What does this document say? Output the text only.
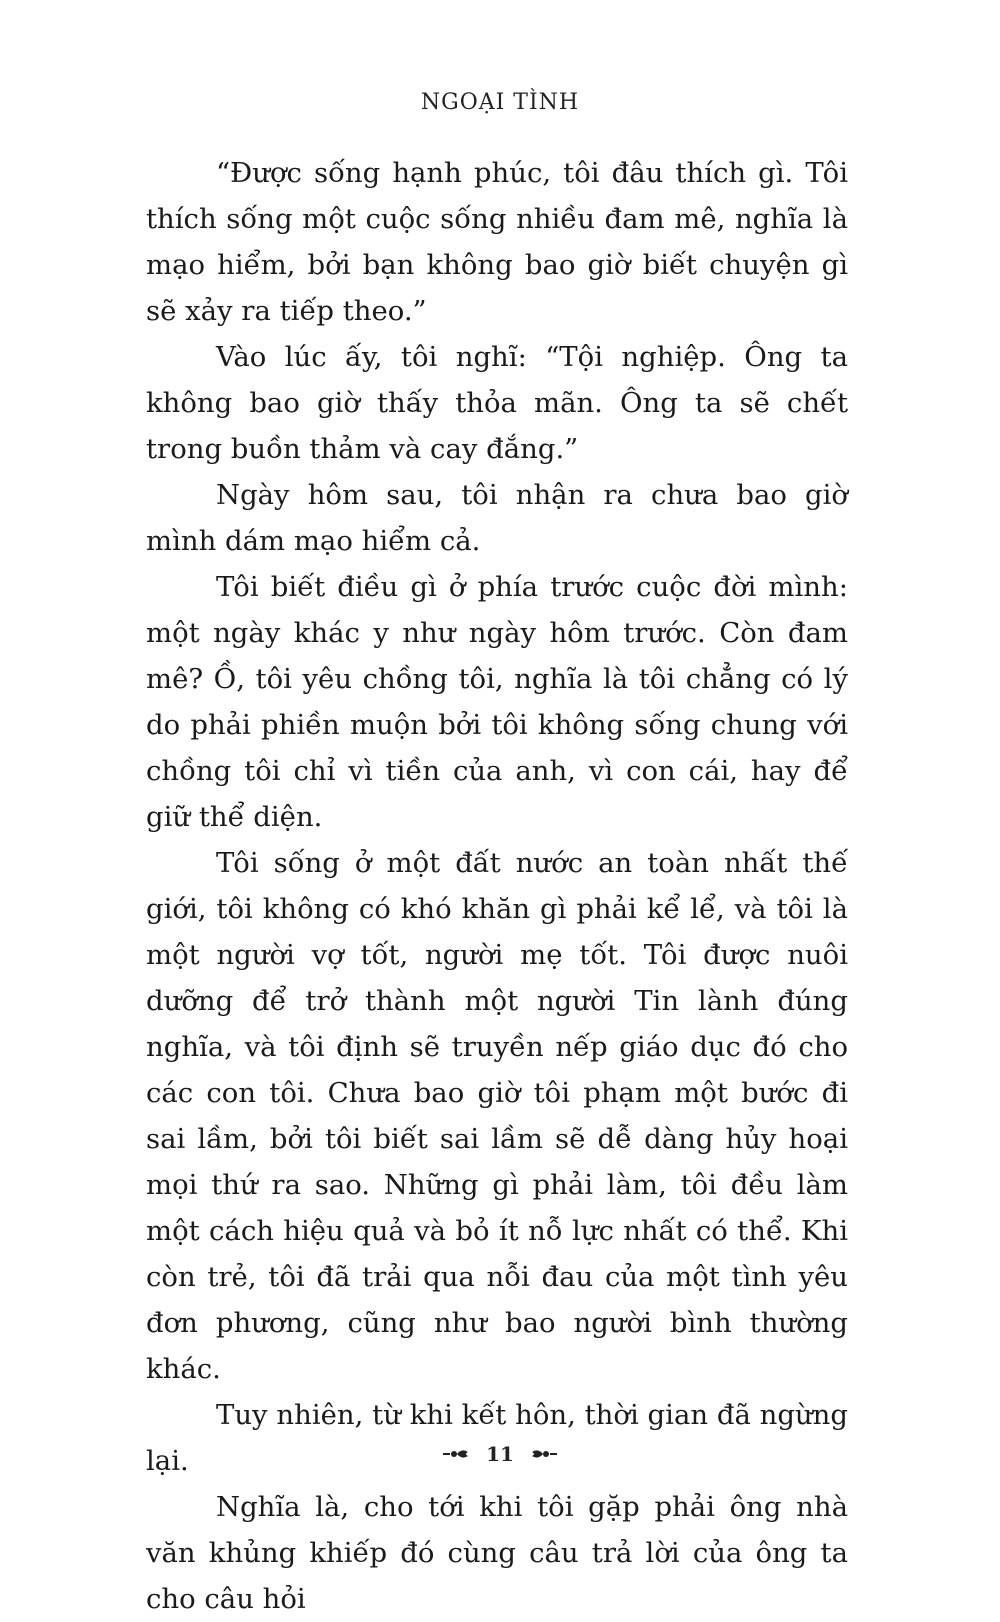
NGOẠI TÌNH

“Được sống hạnh phúc, tôi đâu thích gì. Tôi thích sống một cuộc sống nhiều đam mê, nghĩa là mạo hiểm, bởi bạn không bao giờ biết chuyện gì sẽ xảy ra tiếp theo.”

Vào lúc ấy, tôi nghĩ: “Tội nghiệp. Ông ta không bao giờ thấy thỏa mãn. Ông ta sẽ chết trong buồn thảm và cay đắng.”

Ngày hôm sau, tôi nhận ra chưa bao giờ mình dám mạo hiểm cả.

Tôi biết điều gì ở phía trước cuộc đời mình: một ngày khác y như ngày hôm trước. Còn đam mê? Ồ, tôi yêu chồng tôi, nghĩa là tôi chẳng có lý do phải phiền muộn bởi tôi không sống chung với chồng tôi chỉ vì tiền của anh, vì con cái, hay để giữ thể diện.

Tôi sống ở một đất nước an toàn nhất thế giới, tôi không có khó khăn gì phải kể lể, và tôi là một người vợ tốt, người mẹ tốt. Tôi được nuôi dưỡng để trở thành một người Tin lành đúng nghĩa, và tôi định sẽ truyền nếp giáo dục đó cho các con tôi. Chưa bao giờ tôi phạm một bước đi sai lầm, bởi tôi biết sai lầm sẽ dễ dàng hủy hoại mọi thứ ra sao. Những gì phải làm, tôi đều làm một cách hiệu quả và bỏ ít nỗ lực nhất có thể. Khi còn trẻ, tôi đã trải qua nỗi đau của một tình yêu đơn phương, cũng như bao người bình thường khác.

Tuy nhiên, từ khi kết hôn, thời gian đã ngừng lại.

Nghĩa là, cho tới khi tôi gặp phải ông nhà văn khủng khiếp đó cùng câu trả lời của ông ta cho câu hỏi

11
